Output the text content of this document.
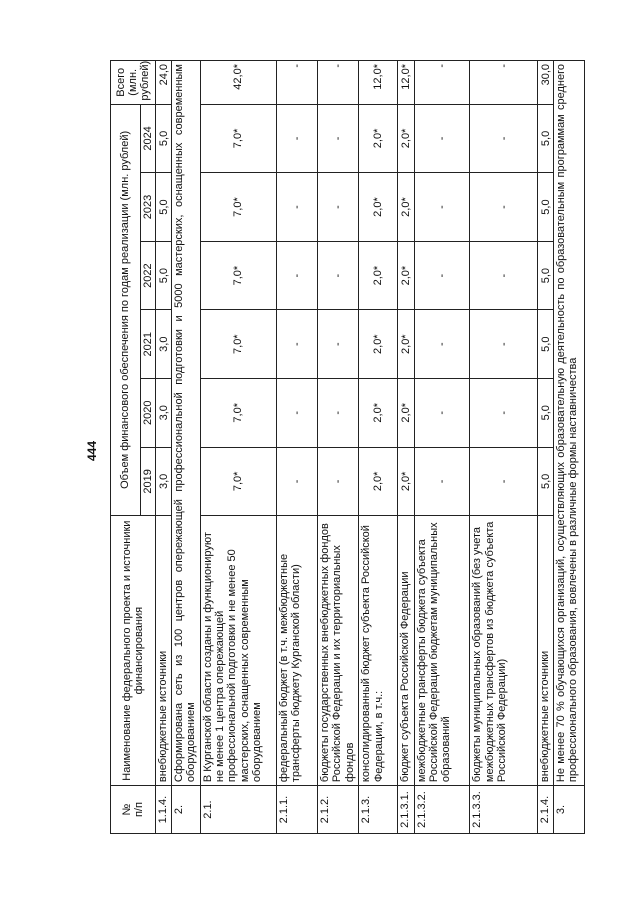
444
№
п/п	Наименование федерального проекта и источники финансирования	Объем финансового обеспечения по годам реализации (млн. рублей)						Всего (млн. рублей)
		2019	2020	2021	2022	2023	2024	
1.1.4.	внебюджетные источники	3,0	3,0	3,0	5,0	5,0	5,0	24,0
2.	Сформирована сеть из 100 центров опережающей профессиональной подготовки и 5000 мастерских, оснащенных современным оборудованием							
2.1.	В Курганской области созданы и функционируют не менее 1 центра опережающей профессиональной подготовки и не менее 50 мастерских, оснащенных современным оборудованием	7,0*	7,0*	7,0*	7,0*	7,0*	7,0*	42,0*
2.1.1.	федеральный бюджет (в т.ч. межбюджетные трансферты бюджету Курганской области)	-	-	-	-	-	-	-
2.1.2.	бюджеты государственных внебюджетных фондов Российской Федерации и их территориальных фондов	-	-	-	-	-	-	-
2.1.3.	консолидированный бюджет субъекта Российской Федерации, в т.ч.:	2,0*	2,0*	2,0*	2,0*	2,0*	2,0*	12,0*
2.1.3.1.	бюджет субъекта Российской Федерации	2,0*	2,0*	2,0*	2,0*	2,0*	2,0*	12,0*
2.1.3.2.	межбюджетные трансферты бюджета субъекта Российской Федерации бюджетам муниципальных образований	-	-	-	-	-	-	-
2.1.3.3.	бюджеты муниципальных образований (без учета межбюджетных трансфертов из бюджета субъекта Российской Федерации)	-	-	-	-	-	-	-
2.1.4.	внебюджетные источники	5,0	5,0	5,0	5,0	5,0	5,0	30,0
3.	Не менее 70 % обучающихся организаций, осуществляющих образовательную деятельность по образовательным программам среднего профессионального образования, вовлечены в различные формы наставничества							
